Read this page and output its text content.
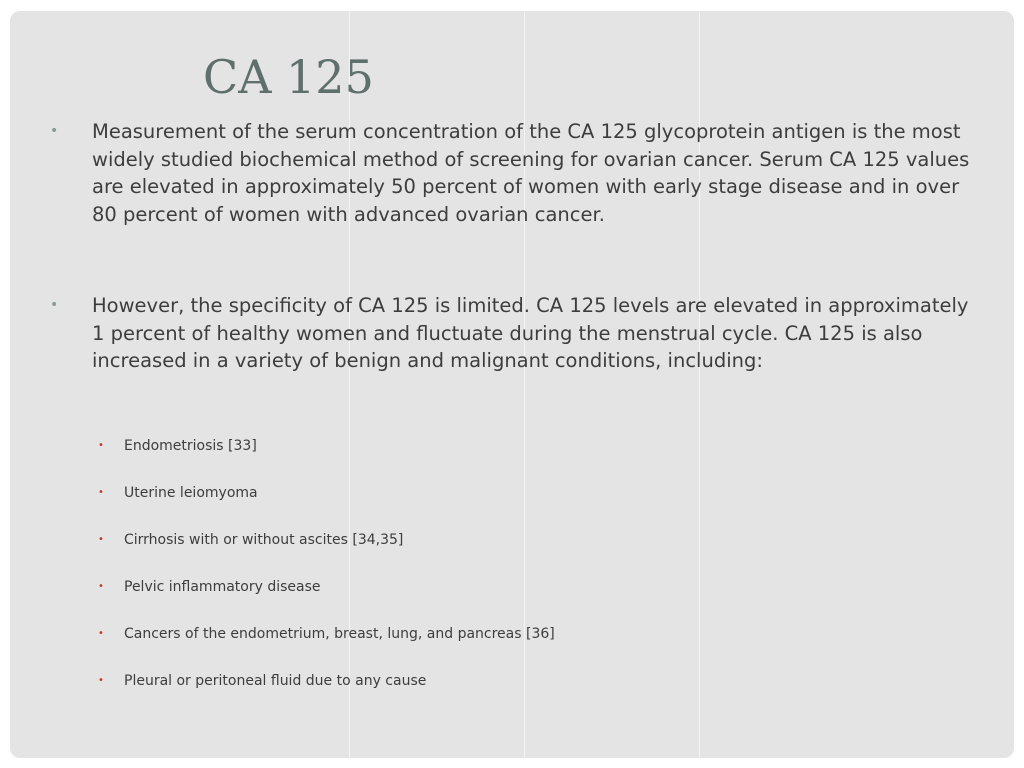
CA 125
• Measurement of the serum concentration of the CA 125 glycoprotein antigen is the most widely studied biochemical method of screening for ovarian cancer. Serum CA 125 values are elevated in approximately 50 percent of women with early stage disease and in over 80 percent of women with advanced ovarian cancer.
• However, the specificity of CA 125 is limited. CA 125 levels are elevated in approximately 1 percent of healthy women and fluctuate during the menstrual cycle. CA 125 is also increased in a variety of benign and malignant conditions, including:
• Endometriosis [33]
• Uterine leiomyoma
• Cirrhosis with or without ascites [34,35]
• Pelvic inflammatory disease
• Cancers of the endometrium, breast, lung, and pancreas [36]
• Pleural or peritoneal fluid due to any cause
